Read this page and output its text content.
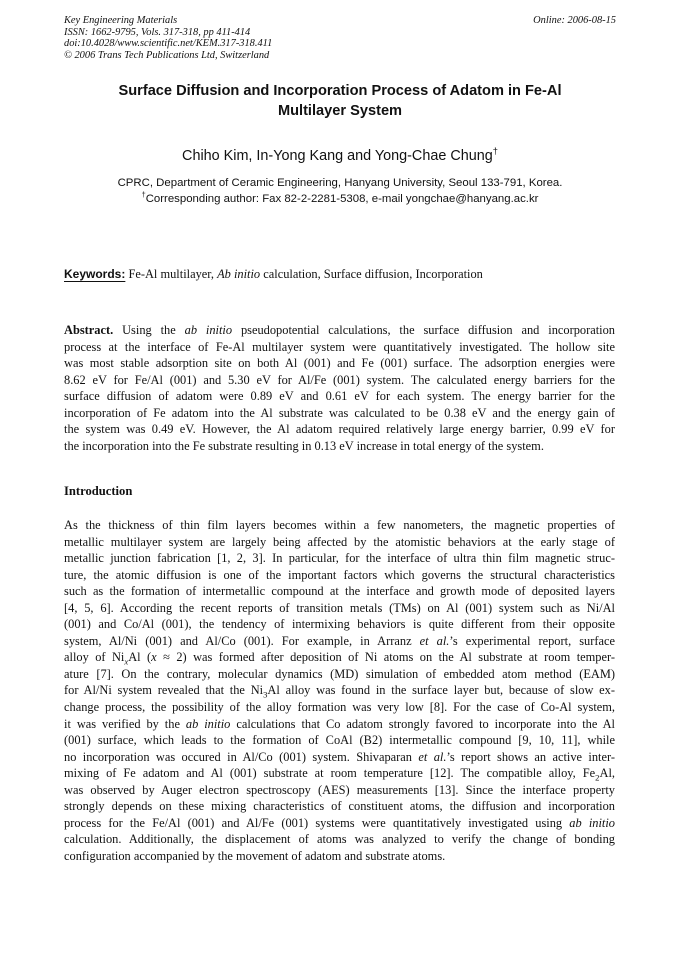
Key Engineering Materials
ISSN: 1662-9795, Vols. 317-318, pp 411-414
doi:10.4028/www.scientific.net/KEM.317-318.411
© 2006 Trans Tech Publications Ltd, Switzerland
Online: 2006-08-15
Surface Diffusion and Incorporation Process of Adatom in Fe-Al
Multilayer System
Chiho Kim, In-Yong Kang and Yong-Chae Chung†
CPRC, Department of Ceramic Engineering, Hanyang University, Seoul 133-791, Korea.
†Corresponding author: Fax 82-2-2281-5308, e-mail yongchae@hanyang.ac.kr
Keywords: Fe-Al multilayer, Ab initio calculation, Surface diffusion, Incorporation
Abstract. Using the ab initio pseudopotential calculations, the surface diffusion and incorporation
process at the interface of Fe-Al multilayer system were quantitatively investigated. The hollow site
was most stable adsorption site on both Al (001) and Fe (001) surface. The adsorption energies were
8.62 eV for Fe/Al (001) and 5.30 eV for Al/Fe (001) system. The calculated energy barriers for the
surface diffusion of adatom were 0.89 eV and 0.61 eV for each system. The energy barrier for the
incorporation of Fe adatom into the Al substrate was calculated to be 0.38 eV and the energy gain of
the system was 0.49 eV. However, the Al adatom required relatively large energy barrier, 0.99 eV for
the incorporation into the Fe substrate resulting in 0.13 eV increase in total energy of the system.
Introduction
As the thickness of thin film layers becomes within a few nanometers, the magnetic properties of
metallic multilayer system are largely being affected by the atomistic behaviors at the early stage of
metallic junction fabrication [1, 2, 3]. In particular, for the interface of ultra thin film magnetic struc-
ture, the atomic diffusion is one of the important factors which governs the structural characteristics
such as the formation of intermetallic compound at the interface and growth mode of deposited layers
[4, 5, 6]. According the recent reports of transition metals (TMs) on Al (001) system such as Ni/Al
(001) and Co/Al (001), the tendency of intermixing behaviors is quite different from their opposite
system, Al/Ni (001) and Al/Co (001). For example, in Arranz et al.’s experimental report, surface
alloy of $Ni_xAl$ (x ≈ 2) was formed after deposition of Ni atoms on the Al substrate at room temper-
ature [7]. On the contrary, molecular dynamics (MD) simulation of embedded atom method (EAM)
for Al/Ni system revealed that the $Ni_3Al$ alloy was found in the surface layer but, because of slow ex-
change process, the possibility of the alloy formation was very low [8]. For the case of Co-Al system,
it was verified by the ab initio calculations that Co adatom strongly favored to incorporate into the Al
(001) surface, which leads to the formation of CoAl (B2) intermetallic compound [9, 10, 11], while
no incorporation was occured in Al/Co (001) system. Shivaparan et al.’s report shows an active inter-
mixing of Fe adatom and Al (001) substrate at room temperature [12]. The compatible alloy, $Fe_2Al$,
was observed by Auger electron spectroscopy (AES) measurements [13]. Since the interface property
strongly depends on these mixing characteristics of constituent atoms, the diffusion and incorporation
process for the Fe/Al (001) and Al/Fe (001) systems were quantitatively investigated using ab initio
calculation. Additionally, the displacement of atoms was analyzed to verify the change of bonding
configuration accompanied by the movement of adatom and substrate atoms.
